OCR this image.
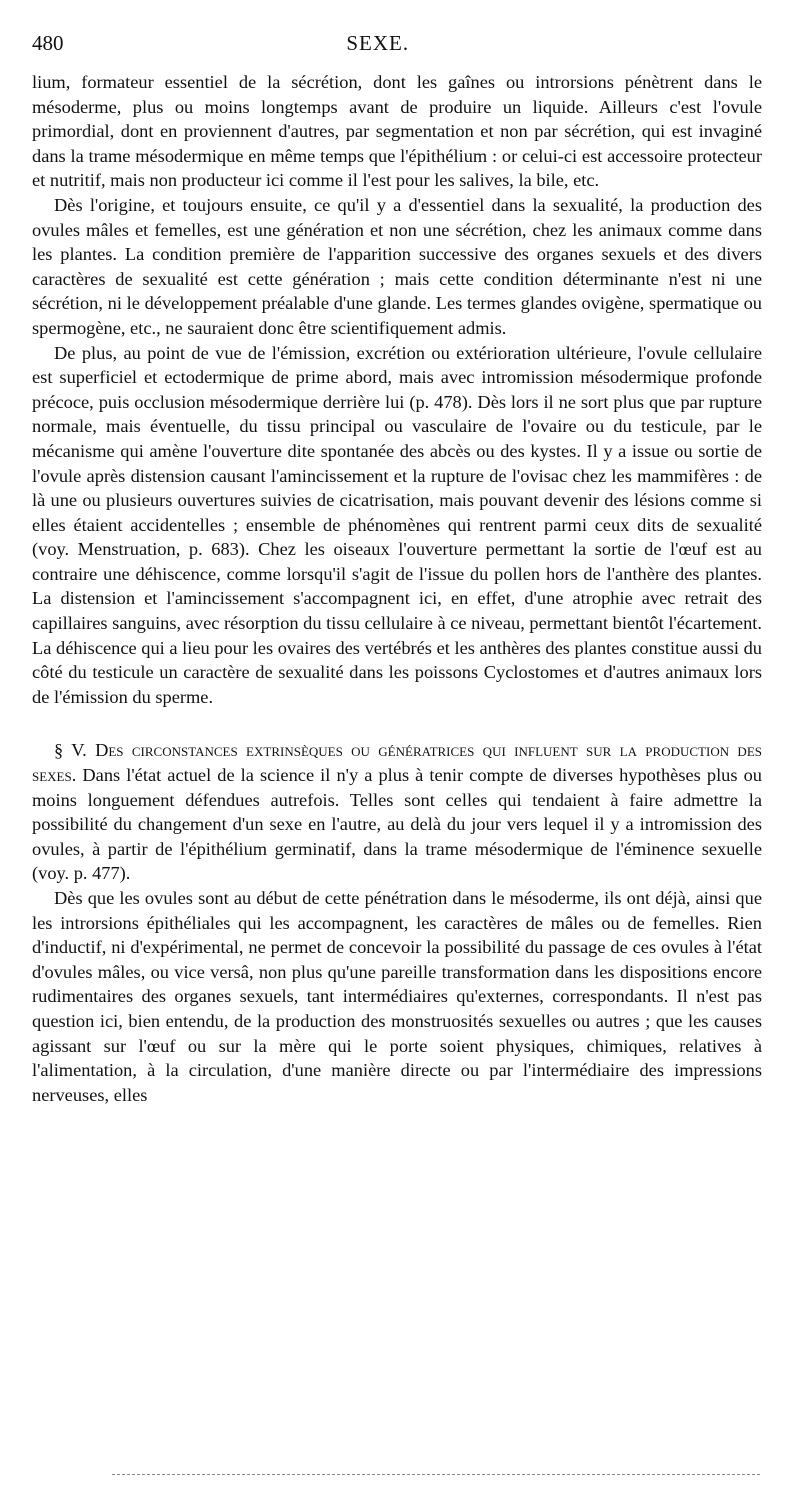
480	SEXE.

lium, formateur essentiel de la sécrétion, dont les gaînes ou introrsions pénètrent dans le mésoderme, plus ou moins longtemps avant de produire un liquide. Ailleurs c'est l'ovule primordial, dont en proviennent d'autres, par segmentation et non par sécrétion, qui est invaginé dans la trame mésodermique en même temps que l'épithélium : or celui-ci est accessoire protecteur et nutritif, mais non producteur ici comme il l'est pour les salives, la bile, etc.

Dès l'origine, et toujours ensuite, ce qu'il y a d'essentiel dans la sexualité, la production des ovules mâles et femelles, est une génération et non une sécrétion, chez les animaux comme dans les plantes. La condition première de l'apparition successive des organes sexuels et des divers caractères de sexualité est cette génération ; mais cette condition déterminante n'est ni une sécrétion, ni le développement préalable d'une glande. Les termes glandes ovigène, spermatique ou spermogène, etc., ne sauraient donc être scientifiquement admis.

De plus, au point de vue de l'émission, excrétion ou extérioration ultérieure, l'ovule cellulaire est superficiel et ectodermique de prime abord, mais avec intromission mésodermique profonde précoce, puis occlusion mésodermique derrière lui (p. 478). Dès lors il ne sort plus que par rupture normale, mais éventuelle, du tissu principal ou vasculaire de l'ovaire ou du testicule, par le mécanisme qui amène l'ouverture dite spontanée des abcès ou des kystes. Il y a issue ou sortie de l'ovule après distension causant l'amincissement et la rupture de l'ovisac chez les mammifères : de là une ou plusieurs ouvertures suivies de cicatrisation, mais pouvant devenir des lésions comme si elles étaient accidentelles ; ensemble de phénomènes qui rentrent parmi ceux dits de sexualité (voy. Menstruation, p. 683). Chez les oiseaux l'ouverture permettant la sortie de l'œuf est au contraire une déhiscence, comme lorsqu'il s'agit de l'issue du pollen hors de l'anthère des plantes. La distension et l'amincissement s'accompagnent ici, en effet, d'une atrophie avec retrait des capillaires sanguins, avec résorption du tissu cellulaire à ce niveau, permettant bientôt l'écartement. La déhiscence qui a lieu pour les ovaires des vertébrés et les anthères des plantes constitue aussi du côté du testicule un caractère de sexualité dans les poissons Cyclostomes et d'autres animaux lors de l'émission du sperme.

§ V. Des circonstances extrinsèques ou génératrices qui influent sur la production des sexes. Dans l'état actuel de la science il n'y a plus à tenir compte de diverses hypothèses plus ou moins longuement défendues autrefois. Telles sont celles qui tendaient à faire admettre la possibilité du changement d'un sexe en l'autre, au delà du jour vers lequel il y a intromission des ovules, à partir de l'épithélium germinatif, dans la trame mésodermique de l'éminence sexuelle (voy. p. 477).

Dès que les ovules sont au début de cette pénétration dans le mésoderme, ils ont déjà, ainsi que les introrsions épithéliales qui les accompagnent, les caractères de mâles ou de femelles. Rien d'inductif, ni d'expérimental, ne permet de concevoir la possibilité du passage de ces ovules à l'état d'ovules mâles, ou vice versâ, non plus qu'une pareille transformation dans les dispositions encore rudimentaires des organes sexuels, tant intermédiaires qu'externes, correspondants. Il n'est pas question ici, bien entendu, de la production des monstruosités sexuelles ou autres ; que les causes agissant sur l'œuf ou sur la mère qui le porte soient physiques, chimiques, relatives à l'alimentation, à la circulation, d'une manière directe ou par l'intermédiaire des impressions nerveuses, elles
